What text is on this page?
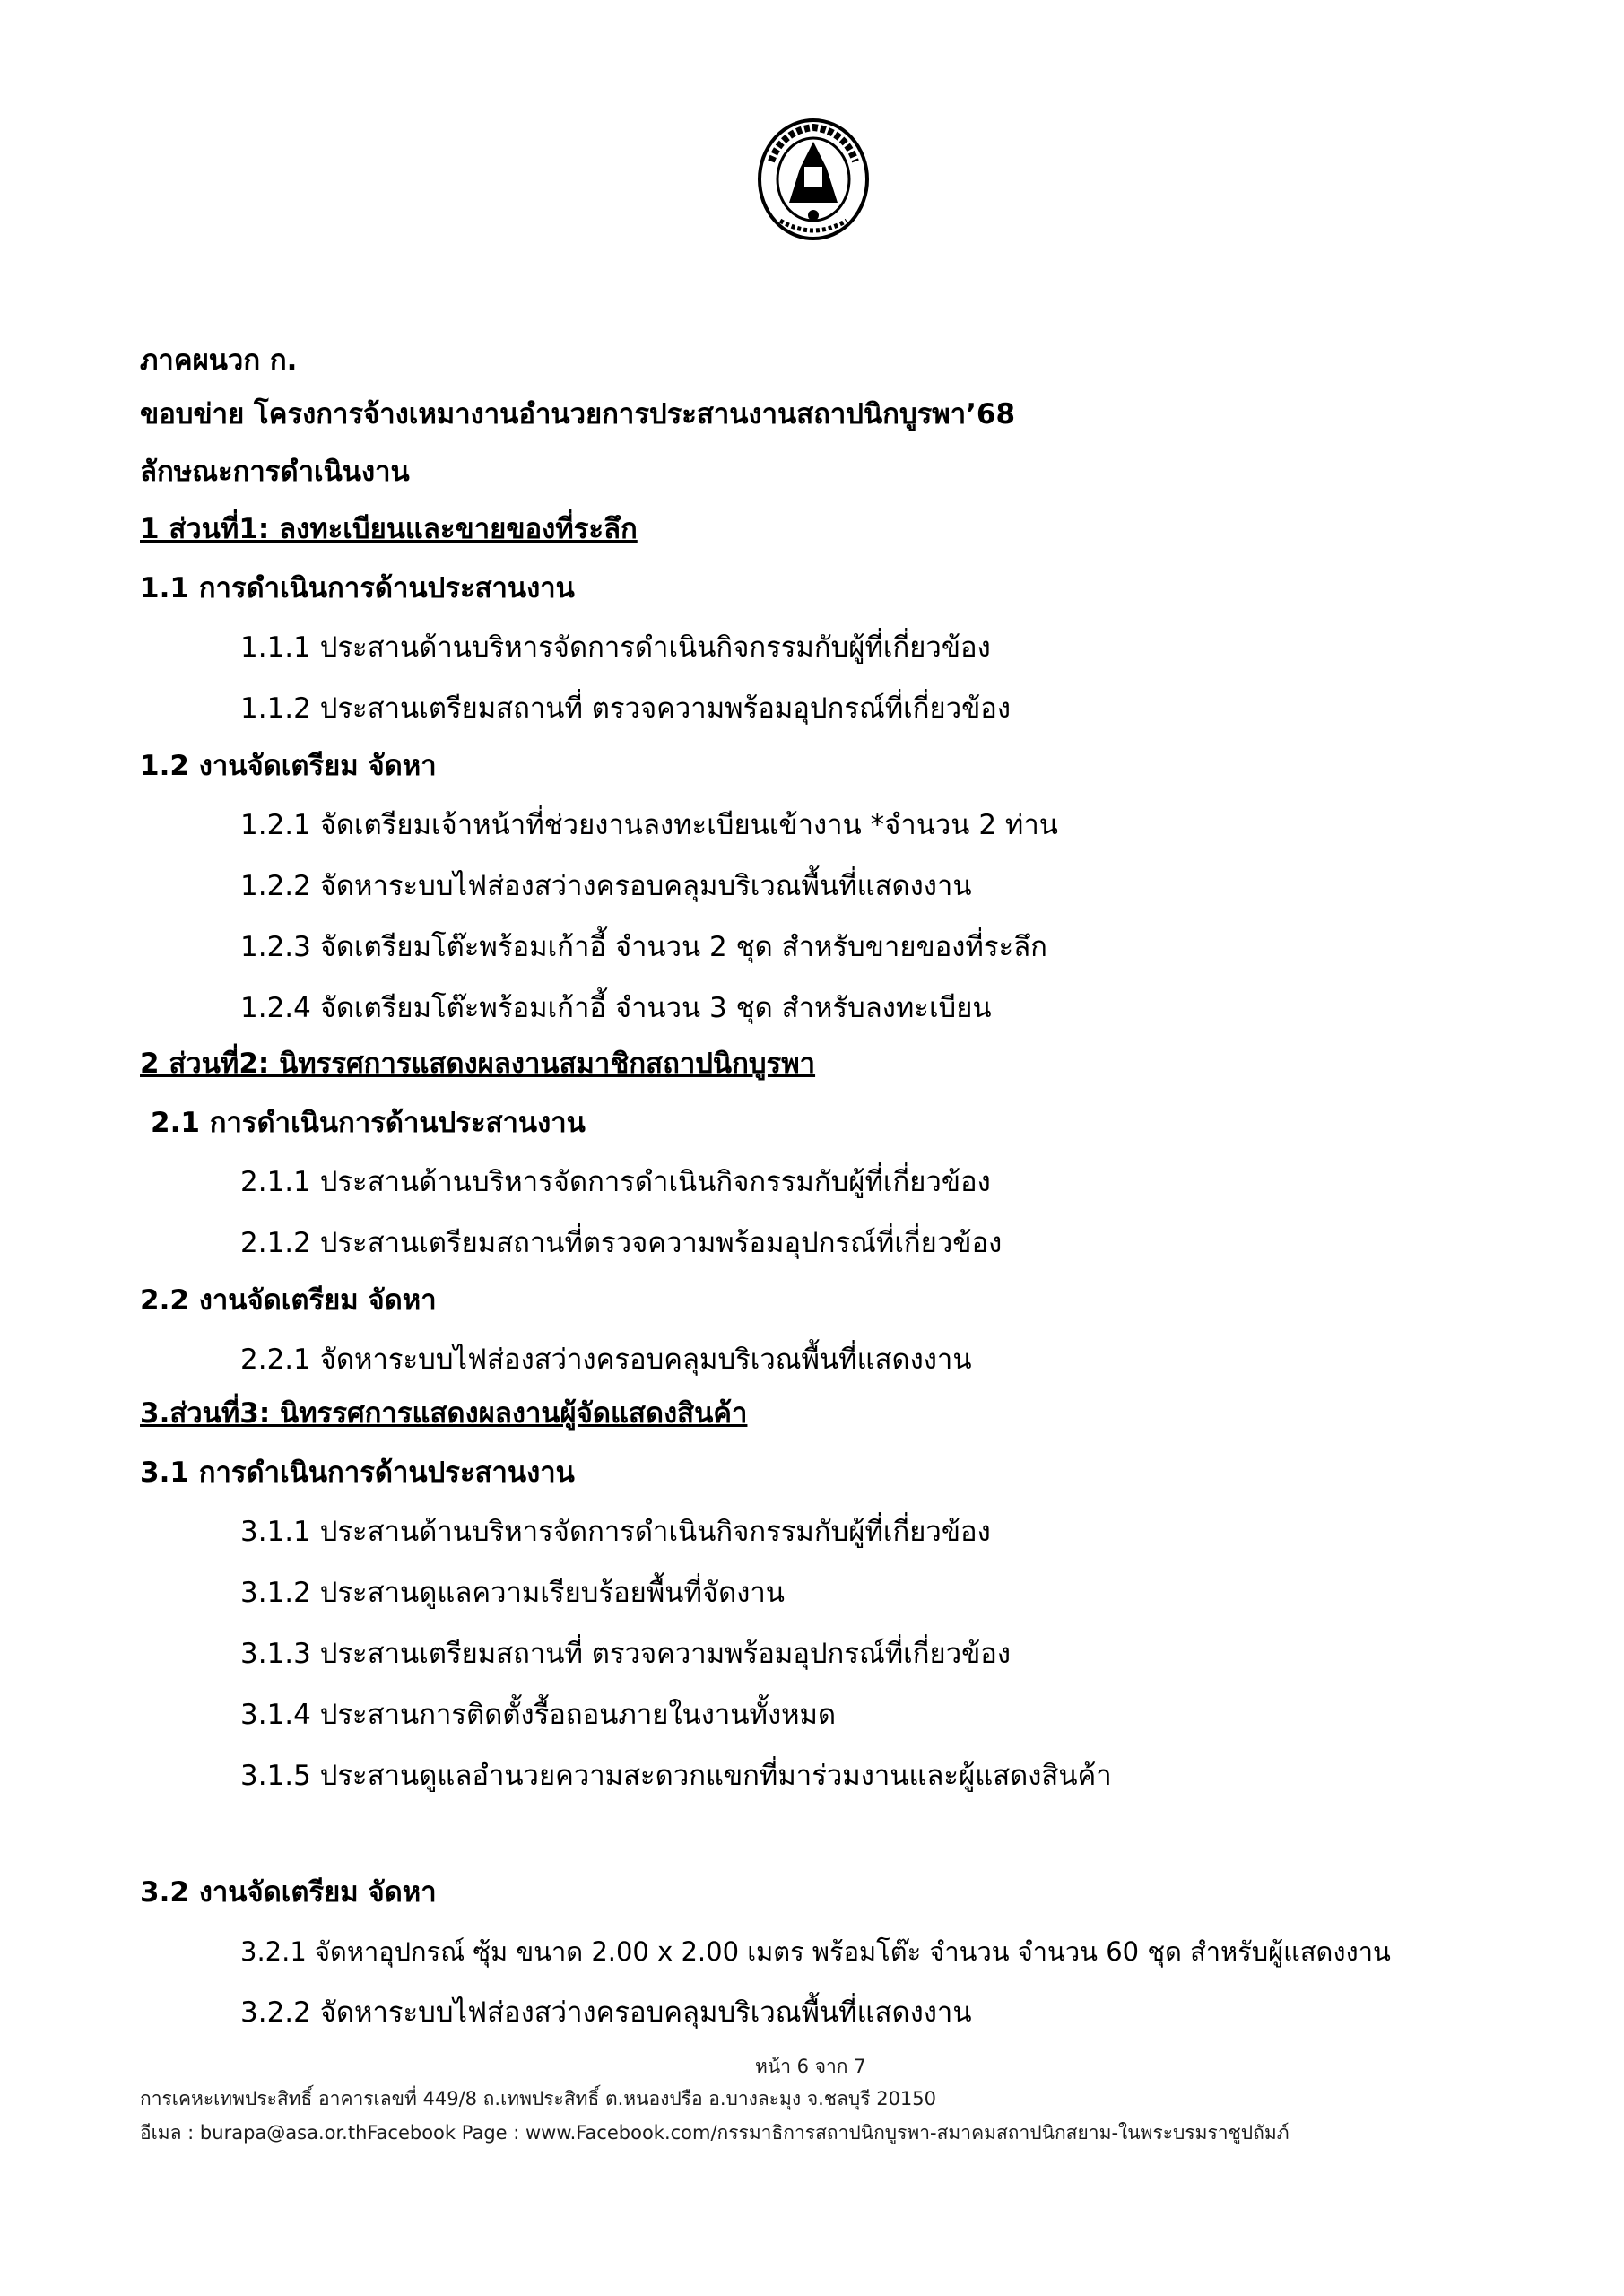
ภาคผนวก ก.
ขอบข่าย โครงการจ้างเหมางานอำนวยการประสานงานสถาปนิกบูรพา’68
ลักษณะการดำเนินงาน
1 ส่วนที่1: ลงทะเบียนและขายของที่ระลึก
1.1 การดำเนินการด้านประสานงาน
1.1.1 ประสานด้านบริหารจัดการดำเนินกิจกรรมกับผู้ที่เกี่ยวข้อง
1.1.2 ประสานเตรียมสถานที่ ตรวจความพร้อมอุปกรณ์ที่เกี่ยวข้อง
1.2 งานจัดเตรียม จัดหา
1.2.1 จัดเตรียมเจ้าหน้าที่ช่วยงานลงทะเบียนเข้างาน *จำนวน 2 ท่าน
1.2.2 จัดหาระบบไฟส่องสว่างครอบคลุมบริเวณพื้นที่แสดงงาน
1.2.3 จัดเตรียมโต๊ะพร้อมเก้าอี้ จำนวน 2 ชุด สำหรับขายของที่ระลึก
1.2.4 จัดเตรียมโต๊ะพร้อมเก้าอี้ จำนวน 3 ชุด สำหรับลงทะเบียน
2 ส่วนที่2: นิทรรศการแสดงผลงานสมาชิกสถาปนิกบูรพา
2.1 การดำเนินการด้านประสานงาน
2.1.1 ประสานด้านบริหารจัดการดำเนินกิจกรรมกับผู้ที่เกี่ยวข้อง
2.1.2 ประสานเตรียมสถานที่ตรวจความพร้อมอุปกรณ์ที่เกี่ยวข้อง
2.2 งานจัดเตรียม จัดหา
2.2.1 จัดหาระบบไฟส่องสว่างครอบคลุมบริเวณพื้นที่แสดงงาน
3.ส่วนที่3: นิทรรศการแสดงผลงานผู้จัดแสดงสินค้า
3.1 การดำเนินการด้านประสานงาน
3.1.1 ประสานด้านบริหารจัดการดำเนินกิจกรรมกับผู้ที่เกี่ยวข้อง
3.1.2 ประสานดูแลความเรียบร้อยพื้นที่จัดงาน
3.1.3 ประสานเตรียมสถานที่ ตรวจความพร้อมอุปกรณ์ที่เกี่ยวข้อง
3.1.4 ประสานการติดตั้งรื้อถอนภายในงานทั้งหมด
3.1.5 ประสานดูแลอำนวยความสะดวกแขกที่มาร่วมงานและผู้แสดงสินค้า
3.2 งานจัดเตรียม จัดหา
3.2.1 จัดหาอุปกรณ์ ซุ้ม ขนาด 2.00 x 2.00 เมตร พร้อมโต๊ะ จำนวน จำนวน 60 ชุด สำหรับผู้แสดงงาน
3.2.2 จัดหาระบบไฟส่องสว่างครอบคลุมบริเวณพื้นที่แสดงงาน
หน้า 6 จาก 7
การเคหะเทพประสิทธิ์ อาคารเลขที่ 449/8 ถ.เทพประสิทธิ์ ต.หนองปรือ อ.บางละมุง จ.ชลบุรี 20150
อีเมล : burapa@asa.or.thFacebook Page : www.Facebook.com/กรรมาธิการสถาปนิกบูรพา-สมาคมสถาปนิกสยาม-ในพระบรมราชูปถัมภ์
